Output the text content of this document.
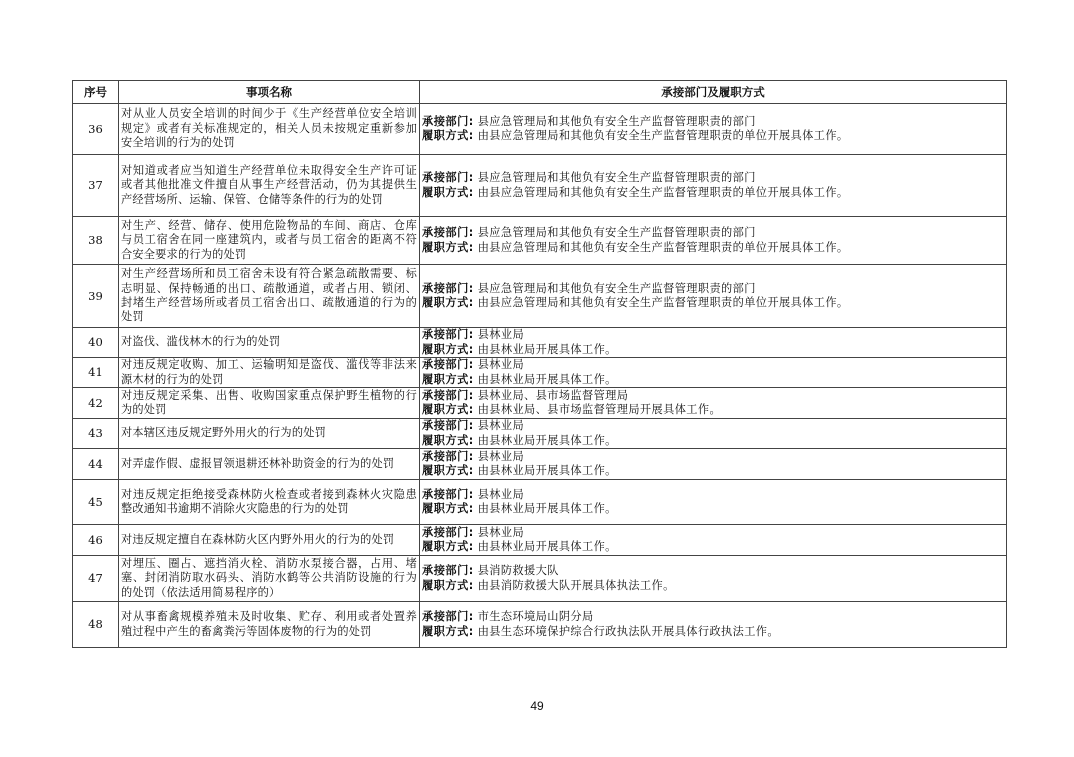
序号	事项名称	承接部门及履职方式
36	对从业人员安全培训的时间少于《生产经营单位安全培训规定》或者有关标准规定的，相关人员未按规定重新参加安全培训的行为的处罚	承接部门: 县应急管理局和其他负有安全生产监督管理职责的部门
履职方式: 由县应急管理局和其他负有安全生产监督管理职责的单位开展具体工作。

37	对知道或者应当知道生产经营单位未取得安全生产许可证或者其他批准文件擅自从事生产经营活动，仍为其提供生产经营场所、运输、保管、仓储等条件的行为的处罚	承接部门: 县应急管理局和其他负有安全生产监督管理职责的部门
履职方式: 由县应急管理局和其他负有安全生产监督管理职责的单位开展具体工作。

38	对生产、经营、储存、使用危险物品的车间、商店、仓库与员工宿舍在同一座建筑内，或者与员工宿舍的距离不符合安全要求的行为的处罚	承接部门: 县应急管理局和其他负有安全生产监督管理职责的部门
履职方式: 由县应急管理局和其他负有安全生产监督管理职责的单位开展具体工作。

39	对生产经营场所和员工宿舍未设有符合紧急疏散需要、标志明显、保持畅通的出口、疏散通道，或者占用、锁闭、封堵生产经营场所或者员工宿舍出口、疏散通道的行为的处罚	承接部门: 县应急管理局和其他负有安全生产监督管理职责的部门
履职方式: 由县应急管理局和其他负有安全生产监督管理职责的单位开展具体工作。

40	对盗伐、滥伐林木的行为的处罚	承接部门: 县林业局
履职方式: 由县林业局开展具体工作。

41	对违反规定收购、加工、运输明知是盗伐、滥伐等非法来源木材的行为的处罚	承接部门: 县林业局
履职方式: 由县林业局开展具体工作。

42	对违反规定采集、出售、收购国家重点保护野生植物的行为的处罚	承接部门: 县林业局、县市场监督管理局
履职方式: 由县林业局、县市场监督管理局开展具体工作。

43	对本辖区违反规定野外用火的行为的处罚	承接部门: 县林业局
履职方式: 由县林业局开展具体工作。

44	对弄虚作假、虚报冒领退耕还林补助资金的行为的处罚	承接部门: 县林业局
履职方式: 由县林业局开展具体工作。

45	对违反规定拒绝接受森林防火检查或者接到森林火灾隐患整改通知书逾期不消除火灾隐患的行为的处罚	承接部门: 县林业局
履职方式: 由县林业局开展具体工作。

46	对违反规定擅自在森林防火区内野外用火的行为的处罚	承接部门: 县林业局
履职方式: 由县林业局开展具体工作。

47	对埋压、圈占、遮挡消火栓、消防水泵接合器，占用、堵塞、封闭消防取水码头、消防水鹤等公共消防设施的行为的处罚（依法适用简易程序的）	承接部门: 县消防救援大队
履职方式: 由县消防救援大队开展具体执法工作。

48	对从事畜禽规模养殖未及时收集、贮存、利用或者处置养殖过程中产生的畜禽粪污等固体废物的行为的处罚	承接部门: 市生态环境局山阴分局
履职方式: 由县生态环境保护综合行政执法队开展具体行政执法工作。
49
